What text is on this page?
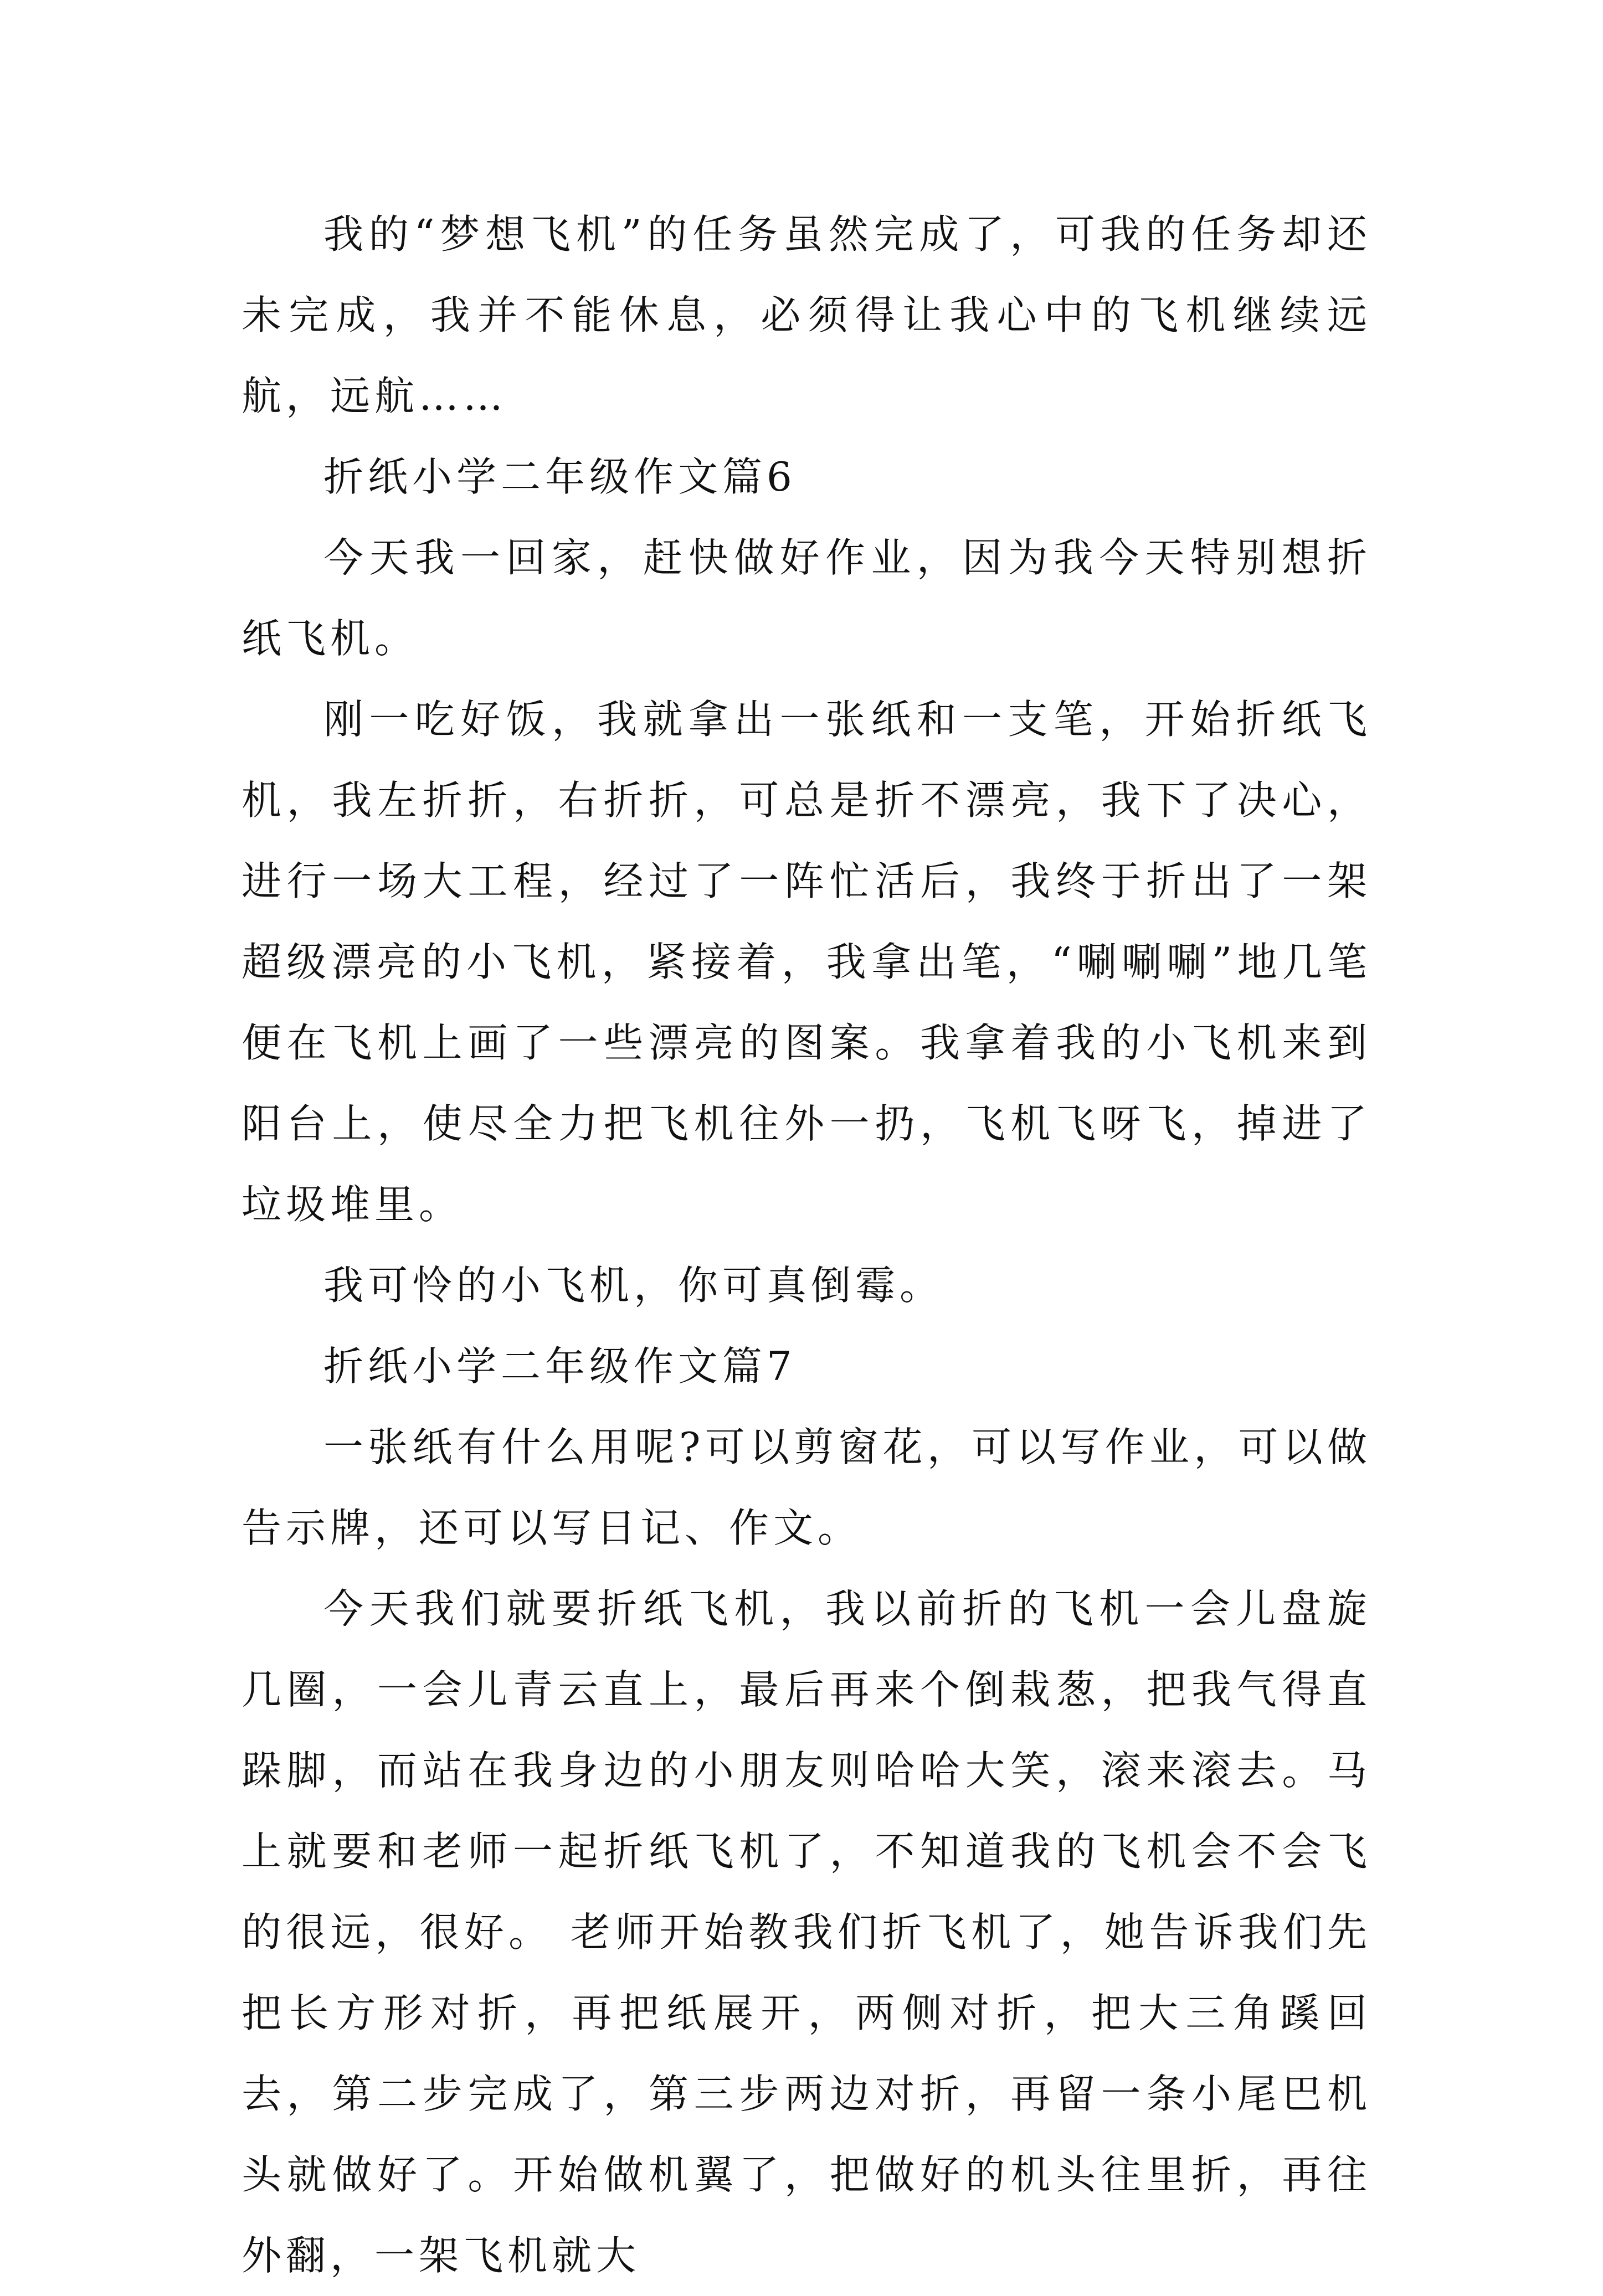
我的“梦想飞机”的任务虽然完成了，可我的任务却还未完成，我并不能休息，必须得让我心中的飞机继续远航，远航……

折纸小学二年级作文篇6

今天我一回家，赶快做好作业，因为我今天特别想折纸飞机。

刚一吃好饭，我就拿出一张纸和一支笔，开始折纸飞机，我左折折，右折折，可总是折不漂亮，我下了决心，进行一场大工程，经过了一阵忙活后，我终于折出了一架超级漂亮的小飞机，紧接着，我拿出笔，“唰唰唰”地几笔便在飞机上画了一些漂亮的图案。我拿着我的小飞机来到阳台上，使尽全力把飞机往外一扔，飞机飞呀飞，掉进了垃圾堆里。

我可怜的小飞机，你可真倒霉。

折纸小学二年级作文篇7

一张纸有什么用呢?可以剪窗花，可以写作业，可以做告示牌，还可以写日记、作文。

今天我们就要折纸飞机，我以前折的飞机一会儿盘旋几圈，一会儿青云直上，最后再来个倒栽葱，把我气得直跺脚，而站在我身边的小朋友则哈哈大笑，滚来滚去。马上就要和老师一起折纸飞机了，不知道我的飞机会不会飞的很远，很好。 老师开始教我们折飞机了，她告诉我们先把长方形对折，再把纸展开，两侧对折，把大三角蹊回去，第二步完成了，第三步两边对折，再留一条小尾巴机头就做好了。开始做机翼了，把做好的机头往里折，再往外翻，一架飞机就大
